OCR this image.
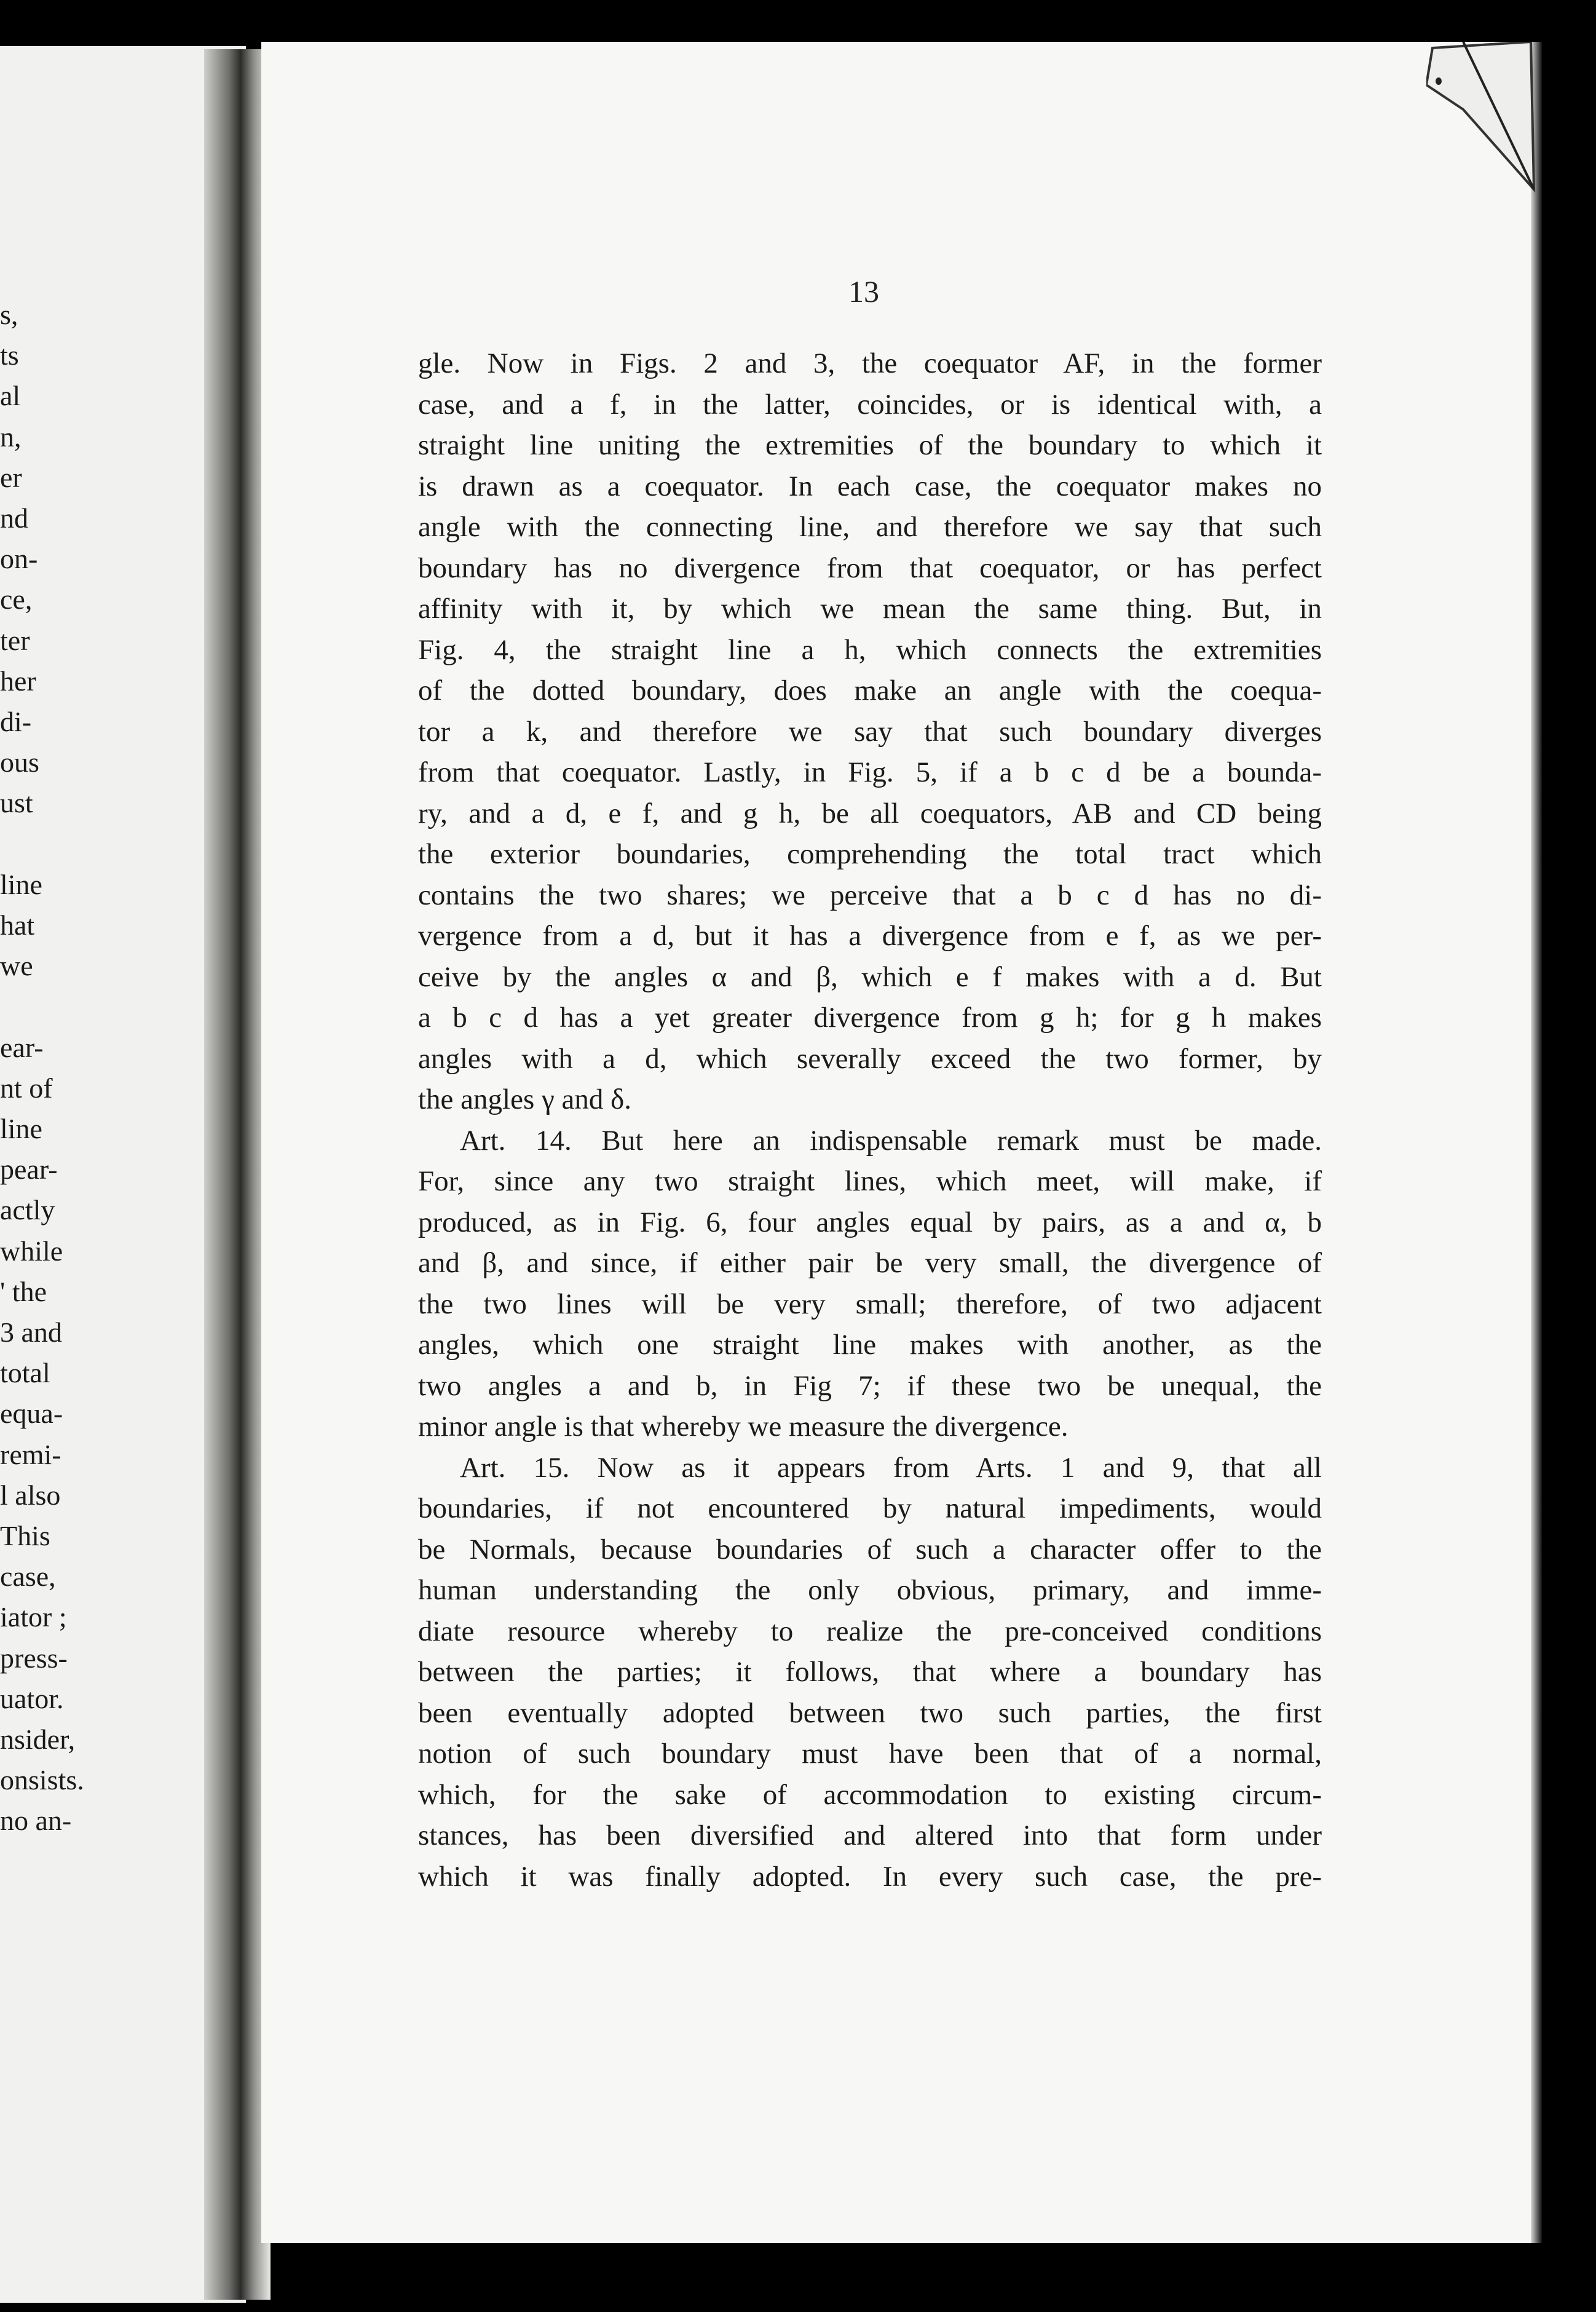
s,
ts
al
n,
er
nd
on-
ce,
ter
her
di-
ous
ust
line
hat
we
ear-
nt of
line
pear-
actly
while
' the
3 and
total
equa-
remi-
l also
This
case,
iator ;
press-
uator.
nsider,
onsists.
no an-
13
gle. Now in Figs. 2 and 3, the coequator AF, in the former
case, and a f, in the latter, coincides, or is identical with, a
straight line uniting the extremities of the boundary to which it
is drawn as a coequator. In each case, the coequator makes no
angle with the connecting line, and therefore we say that such
boundary has no divergence from that coequator, or has perfect
affinity with it, by which we mean the same thing. But, in
Fig. 4, the straight line a h, which connects the extremities
of the dotted boundary, does make an angle with the coequa-
tor a k, and therefore we say that such boundary diverges
from that coequator. Lastly, in Fig. 5, if a b c d be a bounda-
ry, and a d, e f, and g h, be all coequators, AB and CD being
the exterior boundaries, comprehending the total tract which
contains the two shares; we perceive that a b c d has no di-
vergence from a d, but it has a divergence from e f, as we per-
ceive by the angles α and β, which e f makes with a d. But
a b c d has a yet greater divergence from g h; for g h makes
angles with a d, which severally exceed the two former, by
the angles γ and δ.
Art. 14. But here an indispensable remark must be made.
For, since any two straight lines, which meet, will make, if
produced, as in Fig. 6, four angles equal by pairs, as a and α, b
and β, and since, if either pair be very small, the divergence of
the two lines will be very small; therefore, of two adjacent
angles, which one straight line makes with another, as the
two angles a and b, in Fig 7; if these two be unequal, the
minor angle is that whereby we measure the divergence.
Art. 15. Now as it appears from Arts. 1 and 9, that all
boundaries, if not encountered by natural impediments, would
be Normals, because boundaries of such a character offer to the
human understanding the only obvious, primary, and imme-
diate resource whereby to realize the pre-conceived conditions
between the parties; it follows, that where a boundary has
been eventually adopted between two such parties, the first
notion of such boundary must have been that of a normal,
which, for the sake of accommodation to existing circum-
stances, has been diversified and altered into that form under
which it was finally adopted. In every such case, the pre-
